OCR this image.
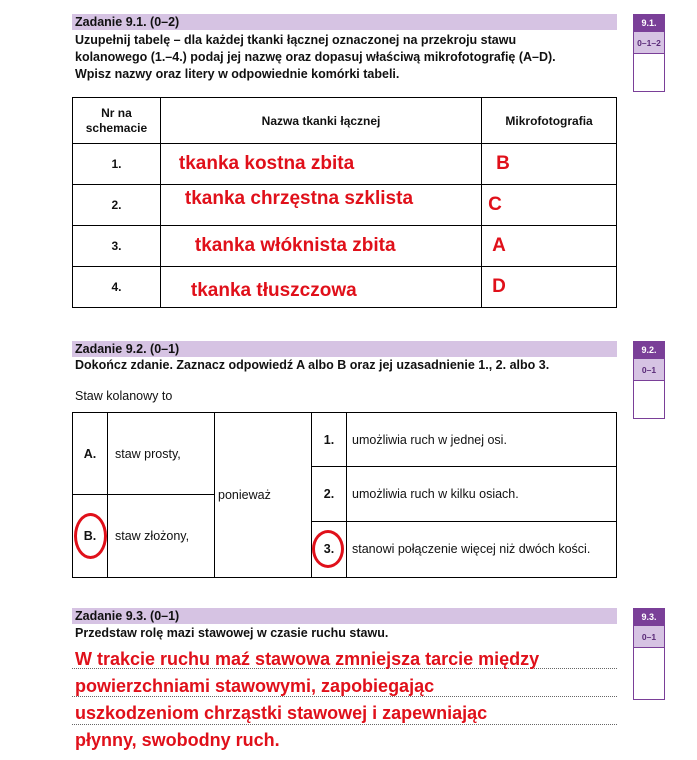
Zadanie 9.1. (0–2)
Uzupełnij tabelę – dla każdej tkanki łącznej oznaczonej na przekroju stawu
kolanowego (1.–4.) podaj jej nazwę oraz dopasuj właściwą mikrofotografię (A–D).
Wpisz nazwy oraz litery w odpowiednie komórki tabeli.
9.1.
0–1–2
Nr na schemacie	Nazwa tkanki łącznej	Mikrofotografia
1.	tkanka kostna zbita	B
2.	tkanka chrzęstna szklista	C
3.	tkanka włóknista zbita	A
4.	tkanka tłuszczowa	D
Zadanie 9.2. (0–1)
Dokończ zdanie. Zaznacz odpowiedź A albo B oraz jej uzasadnienie 1., 2. albo 3.
9.2.
0–1
Staw kolanowy to
A.	staw prosty,
B.	staw złożony,
ponieważ
1.	umożliwia ruch w jednej osi.
2.	umożliwia ruch w kilku osiach.
3.	stanowi połączenie więcej niż dwóch kości.
Zadanie 9.3. (0–1)
Przedstaw rolę mazi stawowej w czasie ruchu stawu.
9.3.
0–1
W trakcie ruchu maź stawowa zmniejsza tarcie między
powierzchniami stawowymi, zapobiegając
uszkodzeniom chrząstki stawowej i zapewniając
płynny, swobodny ruch.
